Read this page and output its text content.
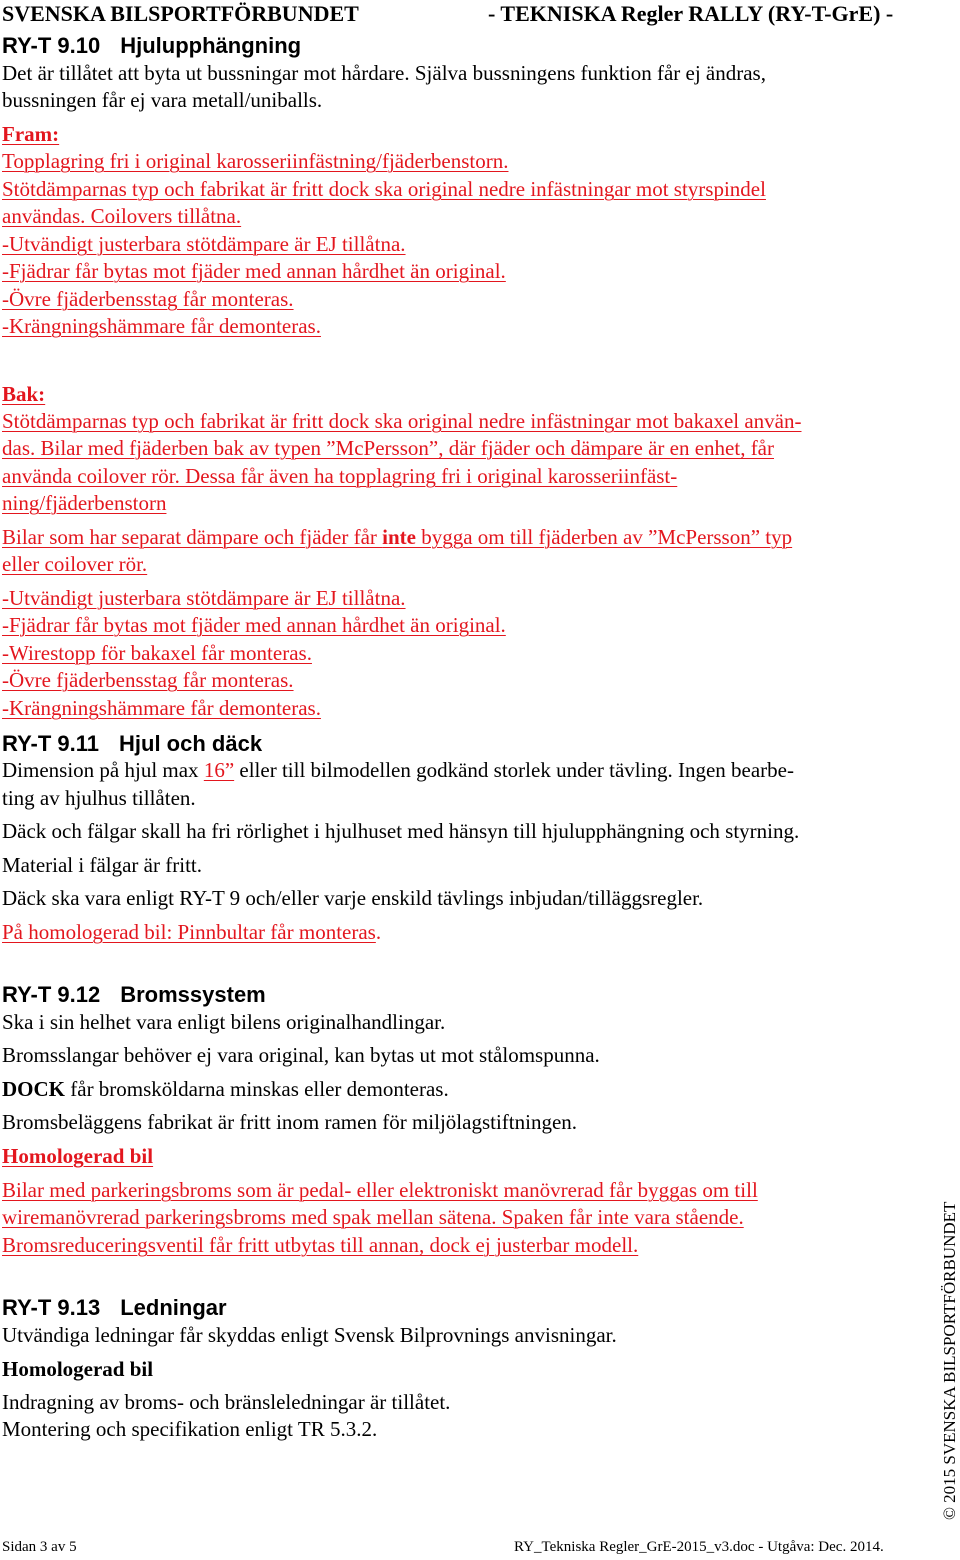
SVENSKA BILSPORTFÖRBUNDET	- TEKNISKA Regler RALLY (RY-T-GrE) -
RY-T 9.10 Hjulupphängning
Det är tillåtet att byta ut bussningar mot hårdare. Själva bussningens funktion får ej ändras,
bussningen får ej vara metall/uniballs.
Fram:
Topplagring fri i original karosseriinfästning/fjäderbenstorn.
Stötdämparnas typ och fabrikat är fritt dock ska original nedre infästningar mot styrspindel
användas. Coilovers tillåtna.
-Utvändigt justerbara stötdämpare är EJ tillåtna.
-Fjädrar får bytas mot fjäder med annan hårdhet än original.
-Övre fjäderbensstag får monteras.
-Krängningshämmare får demonteras.
Bak:
Stötdämparnas typ och fabrikat är fritt dock ska original nedre infästningar mot bakaxel använ-
das. Bilar med fjäderben bak av typen ”McPersson”, där fjäder och dämpare är en enhet, får
använda coilover rör. Dessa får även ha topplagring fri i original karosseriinfäst-
ning/fjäderbenstorn
Bilar som har separat dämpare och fjäder får inte bygga om till fjäderben av ”McPersson” typ
eller coilover rör.
-Utvändigt justerbara stötdämpare är EJ tillåtna.
-Fjädrar får bytas mot fjäder med annan hårdhet än original.
-Wirestopp för bakaxel får monteras.
-Övre fjäderbensstag får monteras.
-Krängningshämmare får demonteras.
RY-T 9.11 Hjul och däck
Dimension på hjul max 16” eller till bilmodellen godkänd storlek under tävling. Ingen bearbe-
ting av hjulhus tillåten.
Däck och fälgar skall ha fri rörlighet i hjulhuset med hänsyn till hjulupphängning och styrning.
Material i fälgar är fritt.
Däck ska vara enligt RY-T 9 och/eller varje enskild tävlings inbjudan/tilläggsregler.
På homologerad bil: Pinnbultar får monteras.
RY-T 9.12 Bromssystem
Ska i sin helhet vara enligt bilens originalhandlingar.
Bromsslangar behöver ej vara original, kan bytas ut mot stålomspunna.
DOCK får bromsköldarna minskas eller demonteras.
Bromsbeläggens fabrikat är fritt inom ramen för miljölagstiftningen.
Homologerad bil
Bilar med parkeringsbroms som är pedal- eller elektroniskt manövrerad får byggas om till
wiremanövrerad parkeringsbroms med spak mellan sätena. Spaken får inte vara stående.
Bromsreduceringsventil får fritt utbytas till annan, dock ej justerbar modell.
RY-T 9.13 Ledningar
Utvändiga ledningar får skyddas enligt Svensk Bilprovnings anvisningar.
Homologerad bil
Indragning av broms- och bränsleledningar är tillåtet.
Montering och specifikation enligt TR 5.3.2.
Sidan 3 av 5	RY_Tekniska Regler_GrE-2015_v3.doc - Utgåva: Dec. 2014.
© 2015 SVENSKA BILSPORTFÖRBUNDET
